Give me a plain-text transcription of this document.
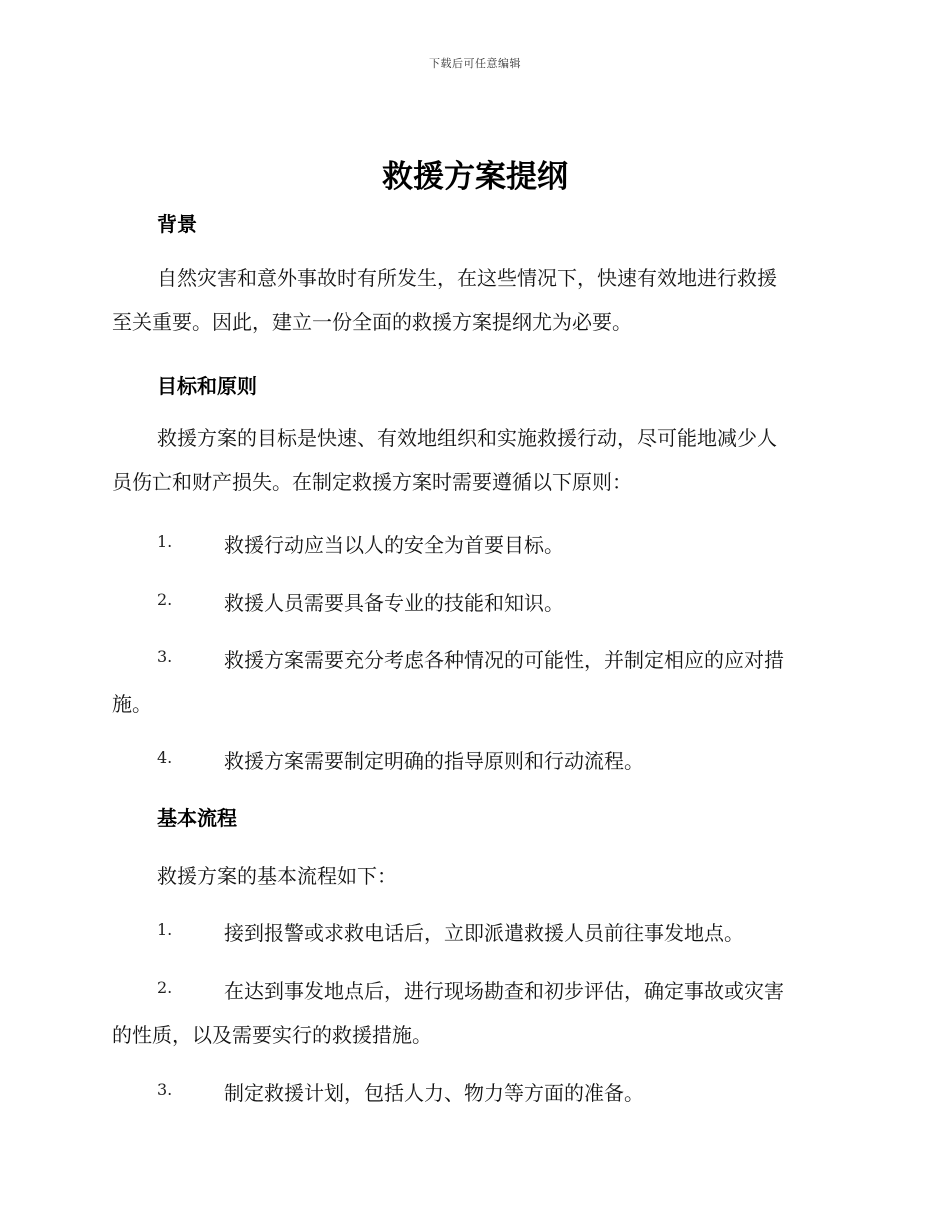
下载后可任意编辑
救援方案提纲
背景
自然灾害和意外事故时有所发生，在这些情况下，快速有效地进行救援
至关重要。因此，建立一份全面的救援方案提纲尤为必要。
目标和原则
救援方案的目标是快速、有效地组织和实施救援行动，尽可能地减少人
员伤亡和财产损失。在制定救援方案时需要遵循以下原则：
1.	救援行动应当以人的安全为首要目标。
2.	救援人员需要具备专业的技能和知识。
3.	救援方案需要充分考虑各种情况的可能性，并制定相应的应对措
施。
4.	救援方案需要制定明确的指导原则和行动流程。
基本流程
救援方案的基本流程如下：
1.	接到报警或求救电话后，立即派遣救援人员前往事发地点。
2.	在达到事发地点后，进行现场勘查和初步评估，确定事故或灾害
的性质，以及需要实行的救援措施。
3.	制定救援计划，包括人力、物力等方面的准备。
